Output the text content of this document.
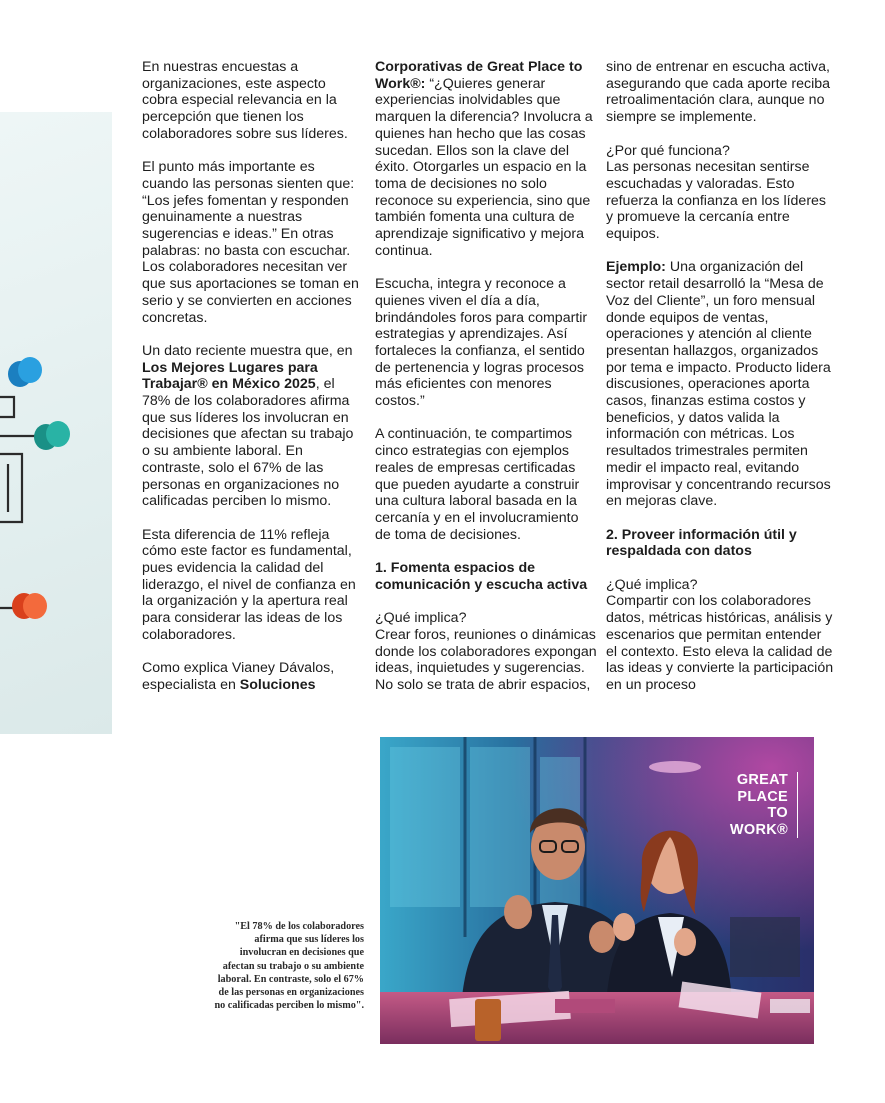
En nuestras encuestas a organizaciones, este aspecto cobra especial relevancia en la percepción que tienen los colaboradores sobre sus líderes.

El punto más importante es cuando las personas sienten que: “Los jefes fomentan y responden genuinamente a nuestras sugerencias e ideas.” En otras palabras: no basta con escuchar. Los colaboradores necesitan ver que sus aportaciones se toman en serio y se convierten en acciones concretas.

Un dato reciente muestra que, en Los Mejores Lugares para Trabajar® en México 2025, el 78% de los colaboradores afirma que sus líderes los involucran en decisiones que afectan su trabajo o su ambiente laboral. En contraste, solo el 67% de las personas en organizaciones no calificadas perciben lo mismo.

Esta diferencia de 11% refleja cómo este factor es fundamental, pues evidencia la calidad del liderazgo, el nivel de confianza en la organización y la apertura real para considerar las ideas de los colaboradores.

Como explica Vianey Dávalos, especialista en Soluciones

Corporativas de Great Place to Work®: “¿Quieres generar experiencias inolvidables que marquen la diferencia? Involucra a quienes han hecho que las cosas sucedan. Ellos son la clave del éxito. Otorgarles un espacio en la toma de decisiones no solo reconoce su experiencia, sino que también fomenta una cultura de aprendizaje significativo y mejora continua.

Escucha, integra y reconoce a quienes viven el día a día, brindándoles foros para compartir estrategias y aprendizajes. Así fortaleces la confianza, el sentido de pertenencia y logras procesos más eficientes con menores costos.”

A continuación, te compartimos cinco estrategias con ejemplos reales de empresas certificadas que pueden ayudarte a construir una cultura laboral basada en la cercanía y en el involucramiento de toma de decisiones.

1. Fomenta espacios de comunicación y escucha activa

¿Qué implica?

Crear foros, reuniones o dinámicas donde los colaboradores expongan ideas, inquietudes y sugerencias. No solo se trata de abrir espacios,

sino de entrenar en escucha activa, asegurando que cada aporte reciba retroalimentación clara, aunque no siempre se implemente.

¿Por qué funciona?

Las personas necesitan sentirse escuchadas y valoradas. Esto refuerza la confianza en los líderes y promueve la cercanía entre equipos.

Ejemplo: Una organización del sector retail desarrolló la “Mesa de Voz del Cliente”, un foro mensual donde equipos de ventas, operaciones y atención al cliente presentan hallazgos, organizados por tema e impacto. Producto lidera discusiones, operaciones aporta casos, finanzas estima costos y beneficios, y datos valida la información con métricas. Los resultados trimestrales permiten medir el impacto real, evitando improvisar y concentrando recursos en mejoras clave.

2. Proveer información útil y respaldada con datos

¿Qué implica?

Compartir con los colaboradores datos, métricas históricas, análisis y escenarios que permitan entender el contexto. Esto eleva la calidad de las ideas y convierte la participación en un proceso

"El 78% de los colaboradores afirma que sus líderes los involucran en decisiones que afectan su trabajo o su ambiente laboral. En contraste, solo el 67% de las personas en organizaciones no calificadas perciben lo mismo".
GREAT
PLACE
TO
WORK®
